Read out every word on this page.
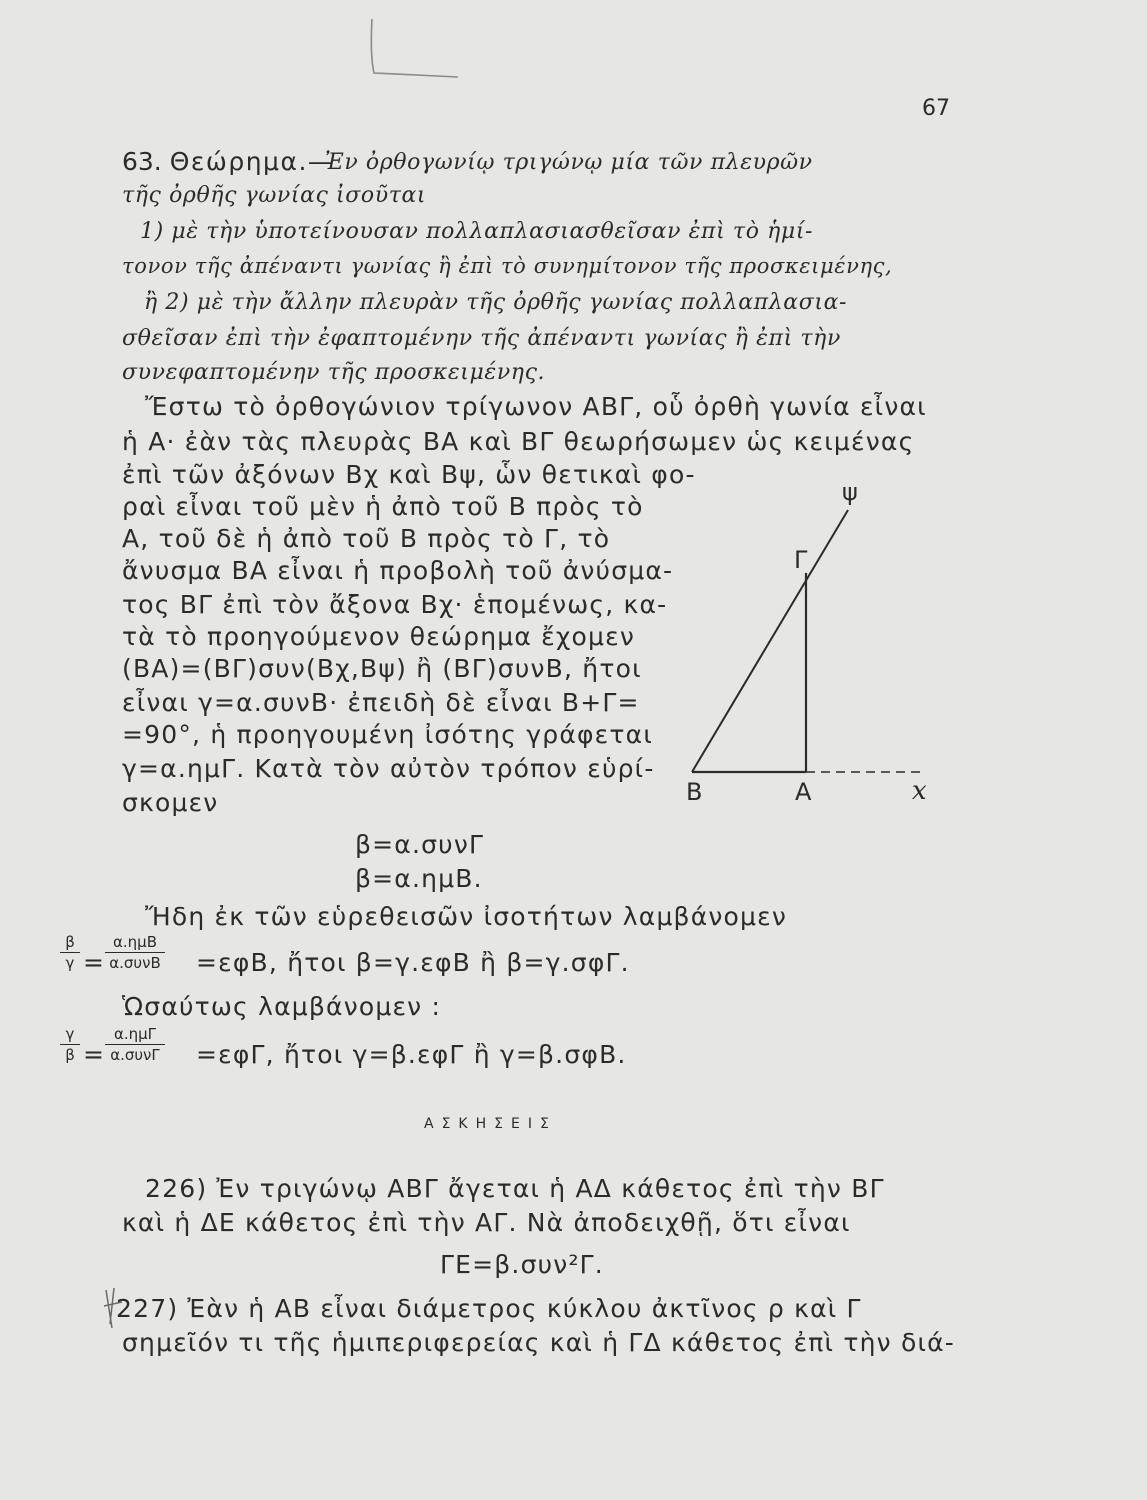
67
63. Θεώρημα.—
Ἐν ὀρθογωνίῳ τριγώνῳ μία τῶν πλευρῶν
τῆς ὀρθῆς γωνίας ἰσοῦται
1) μὲ τὴν ὑποτείνουσαν πολλαπλασιασθεῖσαν ἐπὶ τὸ ἡμί-
τονον τῆς ἀπέναντι γωνίας ἢ ἐπὶ τὸ συνημίτονον τῆς προσκειμένης,
ἢ 2) μὲ τὴν ἄλλην πλευρὰν τῆς ὀρθῆς γωνίας πολλαπλασια-
σθεῖσαν ἐπὶ τὴν ἐφαπτομένην τῆς ἀπέναντι γωνίας ἢ ἐπὶ τὴν
συνεφαπτομένην τῆς προσκειμένης.
Ἔστω τὸ ὀρθογώνιον τρίγωνον ΑΒΓ, οὗ ὀρθὴ γωνία εἶναι
ἡ Α· ἐὰν τὰς πλευρὰς ΒΑ καὶ ΒΓ θεωρήσωμεν ὡς κειμένας
ἐπὶ τῶν ἀξόνων Βχ καὶ Βψ, ὧν θετικαὶ φο-
ραὶ εἶναι τοῦ μὲν ἡ ἀπὸ τοῦ Β πρὸς τὸ
Α, τοῦ δὲ ἡ ἀπὸ τοῦ Β πρὸς τὸ Γ, τὸ
ἄνυσμα ΒΑ εἶναι ἡ προβολὴ τοῦ ἀνύσμα-
τος ΒΓ ἐπὶ τὸν ἄξονα Βχ· ἑπομένως, κα-
τὰ τὸ προηγούμενον θεώρημα ἔχομεν
(ΒΑ)=(ΒΓ)συν(Βχ,Βψ) ἢ (ΒΓ)συνΒ, ἤτοι
εἶναι γ=α.συνΒ· ἐπειδὴ δὲ εἶναι Β+Γ=
=90°, ἡ προηγουμένη ἰσότης γράφεται
γ=α.ημΓ. Κατὰ τὸν αὐτὸν τρόπον εὑρί-
σκομεν
ψ
Γ
Β	Α	x
β=α.συνΓ
β=α.ημΒ.
Ἤδη ἐκ τῶν εὑρεθεισῶν ἰσοτήτων λαμβάνομεν
$\frac{\beta}{\gamma}$ =
α.ημΒ
α.συνΒ =εφΒ, ἤτοι β=γ.εφΒ ἢ β=γ.σφΓ.
Ὡσαύτως λαμβάνομεν :
$\frac{\gamma}{\beta}$ =
α.ημΓ
α.συνΓ =εφΓ, ἤτοι γ=β.εφΓ ἢ γ=β.σφΒ.
ΑΣΚΗΣΕΙΣ
226) Ἐν τριγώνῳ ΑΒΓ ἄγεται ἡ ΑΔ κάθετος ἐπὶ τὴν ΒΓ
καὶ ἡ ΔΕ κάθετος ἐπὶ τὴν ΑΓ. Νὰ ἀποδειχθῇ, ὅτι εἶναι
ΓΕ=β.συν²Γ.
227) Ἐὰν ἡ ΑΒ εἶναι διάμετρος κύκλου ἀκτῖνος ρ καὶ Γ
σημεῖόν τι τῆς ἡμιπεριφερείας καὶ ἡ ΓΔ κάθετος ἐπὶ τὴν διά-
